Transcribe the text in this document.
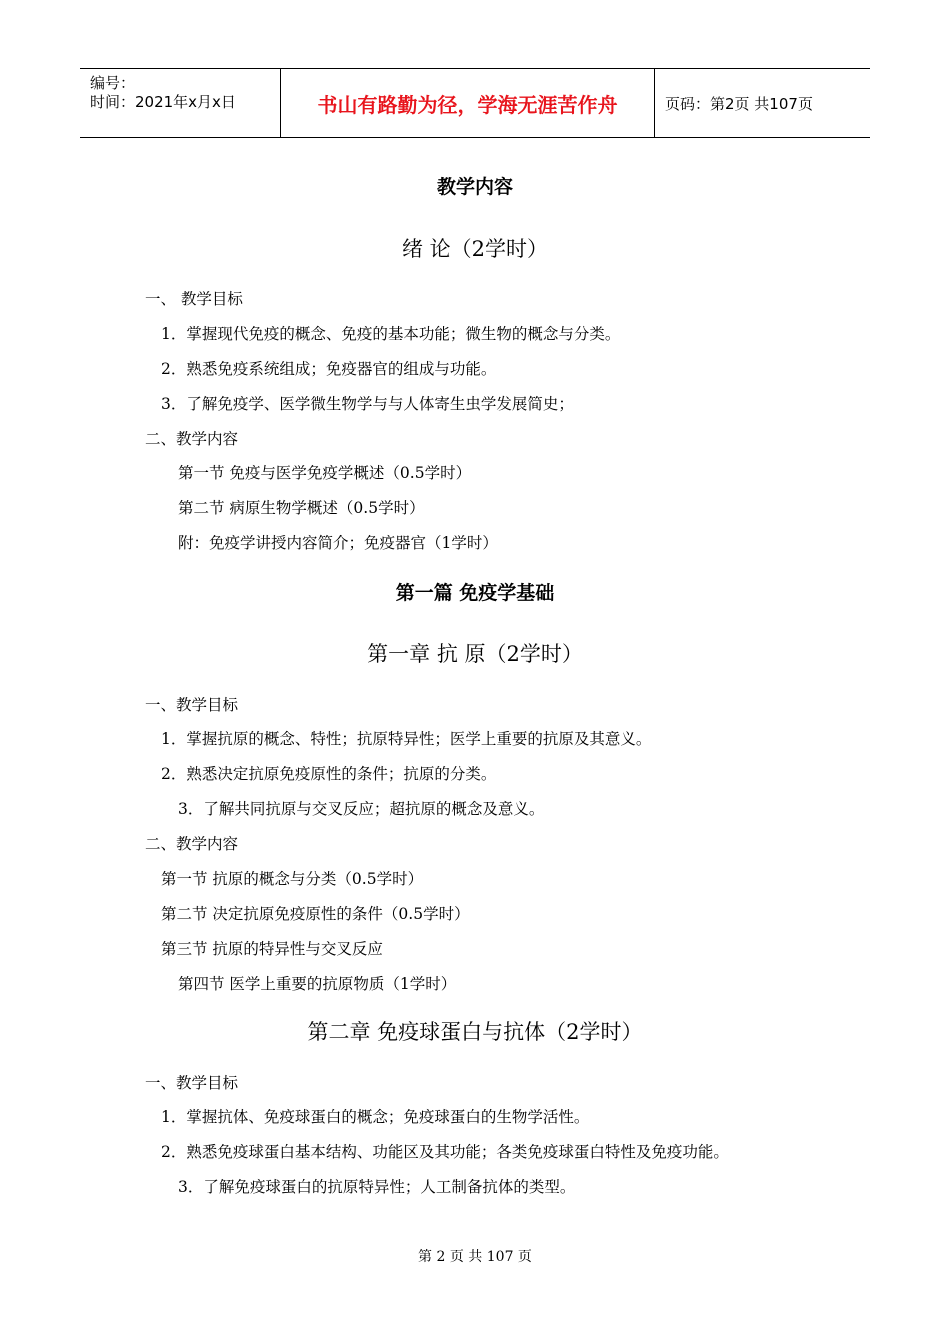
编号：
时间：2021年x月x日	书山有路勤为径，学海无涯苦作舟	页码：第2页 共107页
教学内容
绪 论（2学时）
一、 教学目标
1．掌握现代免疫的概念、免疫的基本功能；微生物的概念与分类。
2．熟悉免疫系统组成；免疫器官的组成与功能。
3．了解免疫学、医学微生物学与与人体寄生虫学发展简史；
二、教学内容
第一节 免疫与医学免疫学概述（0.5学时）
第二节 病原生物学概述（0.5学时）
附：免疫学讲授内容简介；免疫器官（1学时）
第一篇 免疫学基础
第一章 抗 原（2学时）
一、教学目标
1．掌握抗原的概念、特性；抗原特异性；医学上重要的抗原及其意义。
2．熟悉决定抗原免疫原性的条件；抗原的分类。
3．了解共同抗原与交叉反应；超抗原的概念及意义。
二、教学内容
第一节 抗原的概念与分类（0.5学时）
第二节 决定抗原免疫原性的条件（0.5学时）
第三节 抗原的特异性与交叉反应
第四节 医学上重要的抗原物质（1学时）
第二章 免疫球蛋白与抗体（2学时）
一、教学目标
1．掌握抗体、免疫球蛋白的概念；免疫球蛋白的生物学活性。
2．熟悉免疫球蛋白基本结构、功能区及其功能；各类免疫球蛋白特性及免疫功能。
3．了解免疫球蛋白的抗原特异性；人工制备抗体的类型。
第 2 页 共 107 页
